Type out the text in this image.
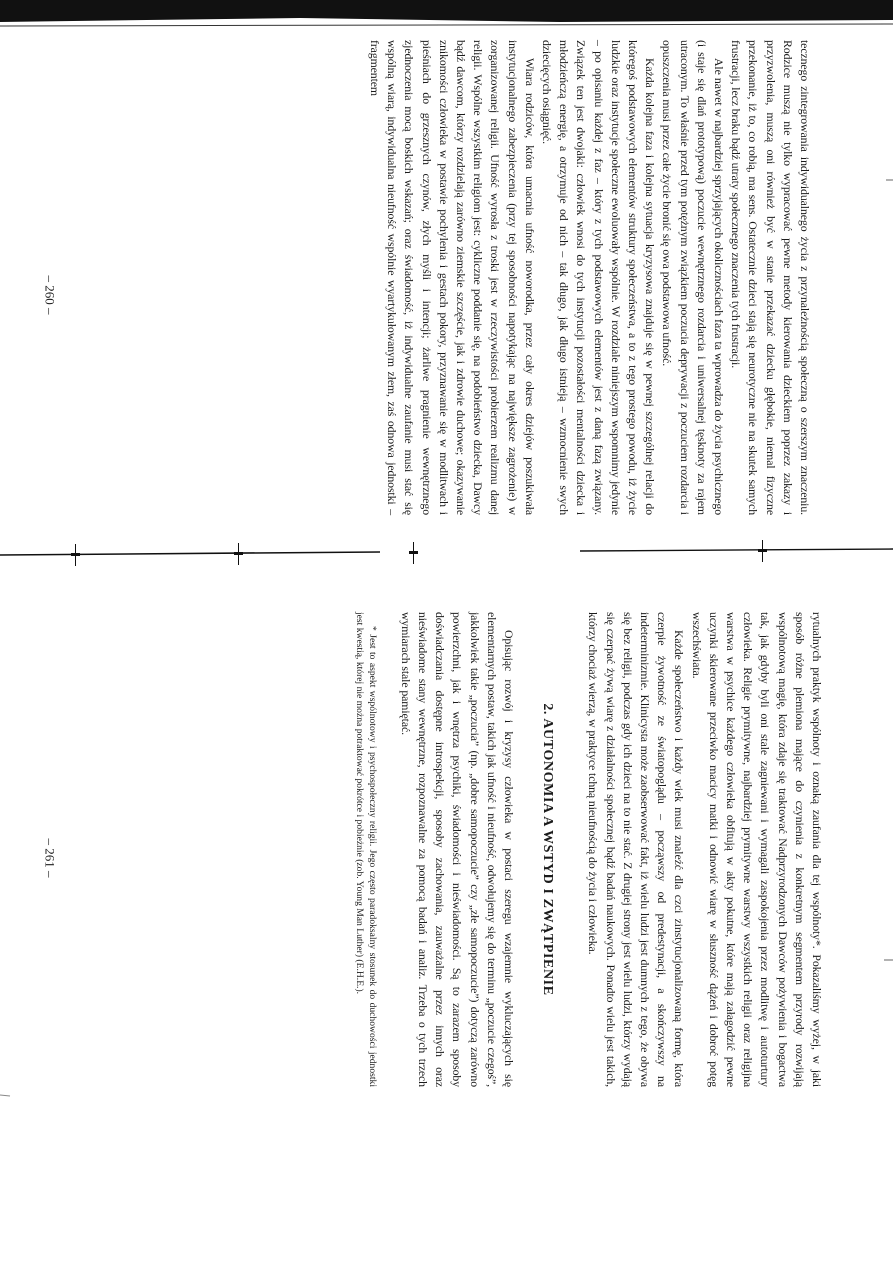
tecznego zintegrowania indywidualnego życia z przynależnością społeczną o szerszym znaczeniu. Rodzice muszą nie tylko wypracować pewne metody kierowania dzieckiem poprzez zakazy i przyzwolenia, muszą oni również być w stanie przekazać dziecku głębokie, niemal fizyczne przekonanie, iż to, co robią, ma sens. Ostatecznie dzieci stają się neurotyczne nie na skutek samych frustracji, lecz braku bądź utraty społecznego znaczenia tych frustracji.

Ale nawet w najbardziej sprzyjających okolicznościach faza ta wprowadza do życia psychicznego (i staje się dlań prototypową) poczucie wewnętrznego rozdarcia i uniwersalnej tęsknoty za rajem utraconym. To właśnie przed tym potężnym związkiem poczucia deprywacji z poczuciem rozdarcia i opuszczenia musi przez całe życie bronić się owa podstawowa ufność.

Każda kolejna faza i kolejna sytuacja kryzysowa znajduje się w pewnej szczególnej relacji do któregoś podstawowych elementów struktury społeczeństwa, a to z tego prostego powodu, iż życie ludzkie oraz instytucje społeczne ewoluowały wspólnie. W rozdziale niniejszym wspomnimy jedynie – po opisaniu każdej z faz – który z tych podstawowych elementów jest z daną fazą związany. Związek ten jest dwojaki: człowiek wnosi do tych instytucji pozostałości mentalności dziecka i młodzieńczą energię, a otrzymuje od nich – tak długo, jak długo istnieją – wzmocnienie swych dziecięcych osiągnięć.

Wiara rodziców, która umacnia ufność noworodka, przez cały okres dziejów poszukiwała instytucjonalnego zabezpieczenia (przy tej sposobności napotykając na największe zagrożenie) w zorganizowanej religii. Ufność wyrosła z troski jest w rzeczywistości probierzem realizmu danej religii. Wspólne wszystkim religiom jest: cykliczne poddanie się, na podobieństwo dziecka, Dawcy bądź dawcom, którzy rozdzielają zarówno ziemskie szczęście, jak i zdrowie duchowe; okazywanie znikomości człowieka w postawie pochylenia i gestach pokory, przyznawanie się w modlitwach i pieśniach do grzesznych czynów, złych myśli i intencji; żarliwe pragnienie wewnętrznego zjednoczenia mocą boskich wskazań; oraz świadomość, iż indywidualne zaufanie musi stać się wspólną wiarą, indywidualna nieufność wspólnie wyartykułowanym złem, zaś odnowa jednostki – fragmentem

– 260 –

rytualnych praktyk wspólnoty i oznaką zaufania dla tej wspólnoty*. Pokazaliśmy wyżej, w jaki sposób różne plemiona mające do czynienia z konkretnym segmentem przyrody rozwijają wspólnotową magię, która zdaje się traktować Nadprzyrodzonych Dawców pożywienia i bogactwa tak, jak gdyby byli oni stale zagniewani i wymagali zaspokojenia przez modlitwę i autoturtury człowieka. Religie prymitywne, najbardziej prymitywne warstwy wszystkich religii oraz religijna warstwa w psychice każdego człowieka obfitują w akty pokutne, które mają załagodzić pewne uczynki skierowane przeciwko macicy matki i odnowić wiarę w słuszność dążeń i dobroć potęg wszechświata.

Każde społeczeństwo i każdy wiek musi znaleźć dla czci zinstytucjonalizowaną formę, która czerpie żywotność ze światopoglądu – począwszy od predestynacji, a skończywszy na indeterminizmie. Klinicysta może zaobserwować fakt, iż wielu ludzi jest dumnych z tego, że obywa się bez religii, podczas gdy ich dzieci na to nie stać. Z drugiej strony jest wielu ludzi, którzy wydają się czerpać żywą wiarę z działalności społecznej bądź badań naukowych. Ponadto wielu jest takich, którzy chociaż wierzą, w praktyce tchną nieufnością do życia i człowieka.

2. AUTONOMIA A WSTYD I ZWĄTPIENIE

Opisując rozwój i kryzysy człowieka w postaci szeregu wzajemnie wykluczających się elementarnych postaw, takich jak ufność i nieufność, odwołujemy się do terminu „poczucie czegoś”, jakkolwiek takie „poczucia” (np. „dobre samopoczucie” czy „złe samopoczucie”) dotyczą zarówno powierzchni, jak i wnętrza psychiki, świadomości i nieświadomości. Są to zarazem sposoby doświadczania dostępne introspekcji, sposoby zachowania, zauważalne przez innych oraz nieświadome stany wewnętrzne, rozpoznawalne za pomocą badań i analiz. Trzeba o tych trzech wymiarach stale pamiętać.

* Jest to aspekt wspólnotowy i psychospołeczny religii. Jego często paradoksalny stosunek do duchowości jednostki jest kwestią, której nie można potraktować pokrótce i pobieżnie (zob. Young Man Luther) (E.H.E.).

– 261 –
